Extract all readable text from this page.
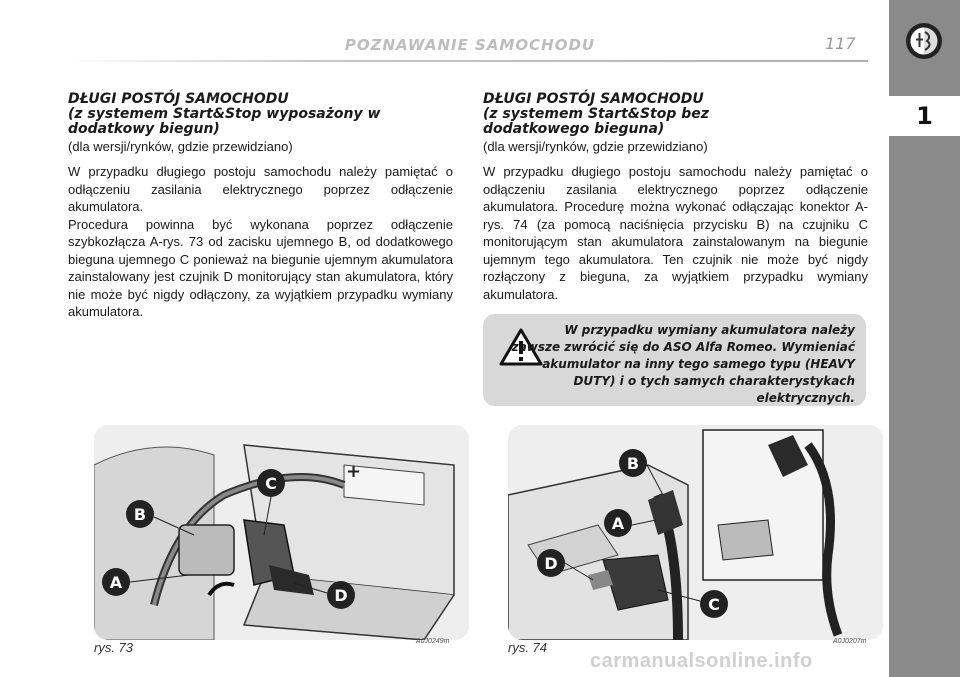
POZNAWANIE SAMOCHODU	117
1

DŁUGI POSTÓJ SAMOCHODU

(z systemem Start&Stop wyposażony w

dodatkowy biegun)

(dla wersji/rynków, gdzie przewidziano)

W przypadku długiego postoju samochodu należy pamiętać o odłączeniu zasilania elektrycznego poprzez odłączenie akumulatora.

Procedura powinna być wykonana poprzez odłączenie szybkozłącza A-rys. 73 od zacisku ujemnego B, od dodatkowego bieguna ujemnego C ponieważ na biegunie ujemnym akumulatora zainstalowany jest czujnik D monitorujący stan akumulatora, który nie może być nigdy odłączony, za wyjątkiem przypadku wymiany akumulatora.

DŁUGI POSTÓJ SAMOCHODU

(z systemem Start&Stop bez

dodatkowego bieguna)

(dla wersji/rynków, gdzie przewidziano)

W przypadku długiego postoju samochodu należy pamiętać o odłączeniu zasilania elektrycznego poprzez odłączenie akumulatora. Procedurę można wykonać odłączając konektor A-rys. 74 (za pomocą naciśnięcia przycisku B) na czujniku C monitorującym stan akumulatora zainstalowanym na biegunie ujemnym tego akumulatora. Ten czujnik nie może być nigdy rozłączony z bieguna, za wyjątkiem przypadku wymiany akumulatora.

W przypadku wymiany akumulatora należy zawsze zwrócić się do ASO Alfa Romeo. Wymieniać akumulator na inny tego samego typu (HEAVY DUTY) i o tych samych charakterystykach elektrycznych.

+
B
C
A
D
rys. 73	A0J0249m
B
A
D
C
rys. 74	A0J0207m
carmanualsonline.info
